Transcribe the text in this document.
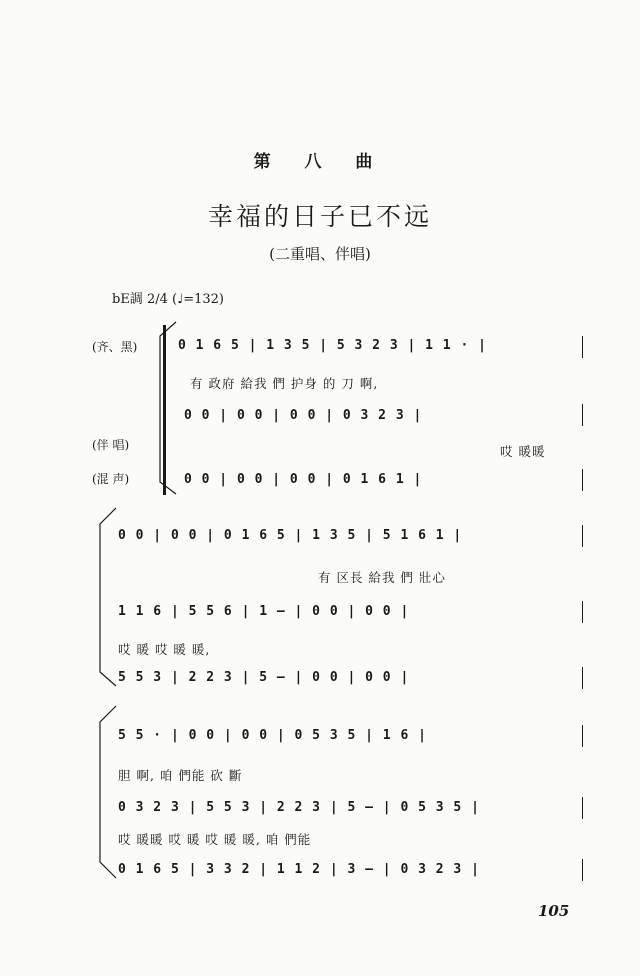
第 八 曲
幸福的日子已不远
(二重唱、伴唱)
bE調 2/4 (♩=132)
(齐、黑)
(伴 唱)
(混 声)
0 1 6 5 | 1 3 5 | 5 3 2 3 | 1 1 · |
有 政府 給我 們 护身 的 刀 啊,
0 0 | 0 0 | 0 0 | 0 3 2 3 |
哎 暖暖
0 0 | 0 0 | 0 0 | 0 1 6 1 |
0 0 | 0 0 | 0 1 6 5 | 1 3 5 | 5 1 6 1 |
有 区長 給我 們 壯心
1 1 6 | 5 5 6 | 1 — | 0 0 | 0 0 |
哎 暖 哎 暖 暖,
5 5 3 | 2 2 3 | 5 — | 0 0 | 0 0 |
5 5 · | 0 0 | 0 0 | 0 5 3 5 | 1 6 |
胆 啊, 咱 們能 砍 斷
0 3 2 3 | 5 5 3 | 2 2 3 | 5 — | 0 5 3 5 |
哎 暖暖 哎 暖 哎 暖 暖, 咱 們能
0 1 6 5 | 3 3 2 | 1 1 2 | 3 — | 0 3 2 3 |
105
